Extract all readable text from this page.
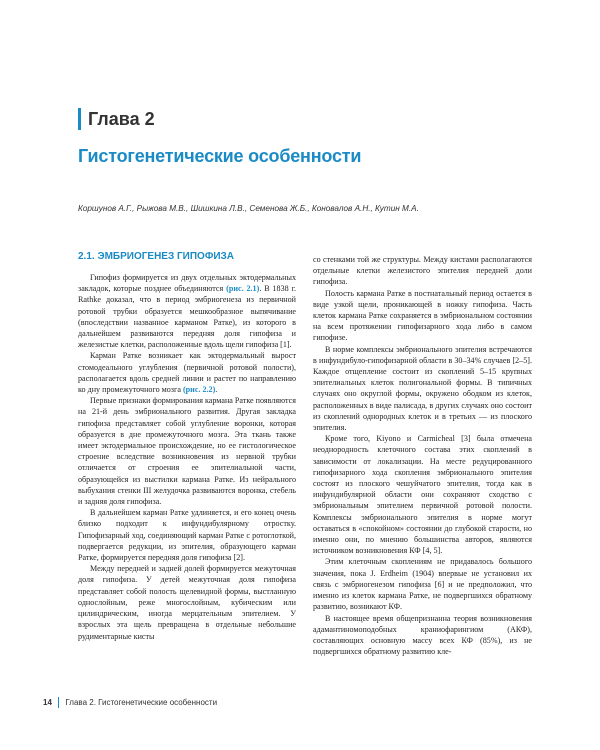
Глава 2
Гистогенетические особенности
Коршунов А.Г., Рыжова М.В., Шишкина Л.В., Семенова Ж.Б., Коновалов А.Н., Кутин М.А.
2.1. ЭМБРИОГЕНЕЗ ГИПОФИЗА

Гипофиз формируется из двух отдельных эктодермальных закладок, которые позднее объединяются (рис. 2.1). В 1838 г. Rathke доказал, что в период эмбриогенеза из первичной ротовой трубки образуется мешкообразное выпячивание (впоследствии названное карманом Ратке), из которого в дальнейшем развиваются передняя доля гипофиза и железистые клетки, расположенные вдоль щели гипофиза [1].

Карман Ратке возникает как эктодермальный вырост стомодеального углубления (первичной ротовой полости), располагается вдоль средней линии и растет по направлению ко дну промежуточного мозга (рис. 2.2).

Первые признаки формирования кармана Ратке появляются на 21-й день эмбрионального развития. Другая закладка гипофиза представляет собой углубление воронки, которая образуется в дне промежуточного мозга. Эта ткань также имеет эктодермальное происхождение, но ее гистологическое строение вследствие возникновения из нервной трубки отличается от строения ее эпителиальной части, образующейся из выстилки кармана Ратке. Из нейрального выбухания стенки III желудочка развиваются воронка, стебель и задняя доля гипофиза.

В дальнейшем карман Ратке удлиняется, и его конец очень близко подходит к инфундибулярному отростку. Гипофизарный ход, соединяющий карман Ратке с ротоглоткой, подвергается редукции, из эпителия, образующего карман Ратке, формируется передняя доля гипофиза [2].

Между передней и задней долей формируется межуточная доля гипофиза. У детей межуточная доля гипофиза представляет собой полость щелевидной формы, выстланную однослойным, реже многослойным, кубическим или цилиндрическим, иногда мерцательным эпителием. У взрослых эта щель превращена в отдельные небольшие рудиментарные кисты

со стенками той же структуры. Между кистами располагаются отдельные клетки железистого эпителия передней доли гипофиза.

Полость кармана Ратке в постнатальный период остается в виде узкой щели, проникающей в ножку гипофиза. Часть клеток кармана Ратке сохраняется в эмбриональном состоянии на всем протяжении гипофизарного хода либо в самом гипофизе.

В норме комплексы эмбрионального эпителия встречаются в инфундибуло-гипофизарной области в 30–34% случаев [2–5]. Каждое отщепление состоит из скоплений 5–15 крупных эпителиальных клеток полигональной формы. В типичных случаях оно округлой формы, окружено ободком из клеток, расположенных в виде палисада, в других случаях оно состоит из скоплений однородных клеток и в третьих — из плоского эпителия.

Кроме того, Kiyono и Carmicheal [3] была отмечена неоднородность клеточного состава этих скоплений в зависимости от локализации. На месте редуцированного гипофизарного хода скопления эмбрионального эпителия состоят из плоского чешуйчатого эпителия, тогда как в инфундибулярной области они сохраняют сходство с эмбриональным эпителием первичной ротовой полости. Комплексы эмбрионального эпителия в норме могут оставаться в «спокойном» состоянии до глубокой старости, но именно они, по мнению большинства авторов, являются источником возникновения КФ [4, 5].

Этим клеточным скоплениям не придавалось большого значения, пока J. Erdheim (1904) впервые не установил их связь с эмбриогенезом гипофиза [6] и не предположил, что именно из клеток кармана Ратке, не подвергшихся обратному развитию, возникают КФ.

В настоящее время общепризнанна теория возникновения адамантиномоподобных краниофарингиом (АКФ), составляющих основную массу всех КФ (85%), из не подвергшихся обратному развитию кле-

14 Глава 2. Гистогенетические особенности
